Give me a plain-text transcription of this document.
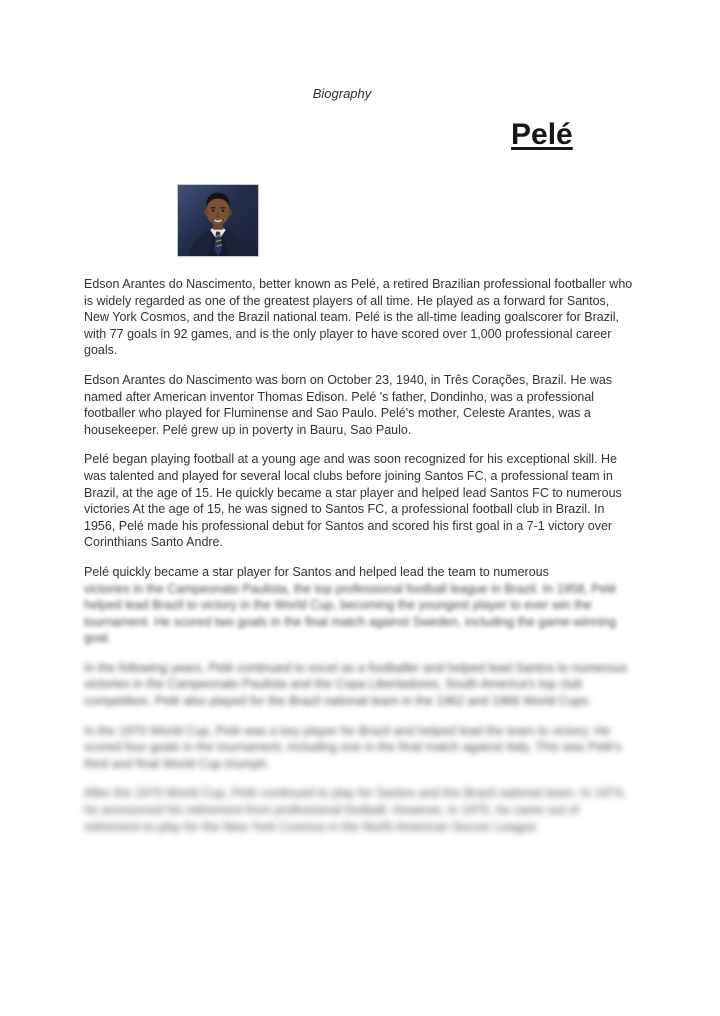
Biography
Pelé

Edson Arantes do Nascimento, better known as Pelé, a retired Brazilian professional footballer who is widely regarded as one of the greatest players of all time. He played as a forward for Santos, New York Cosmos, and the Brazil national team. Pelé is the all-time leading goalscorer for Brazil, with 77 goals in 92 games, and is the only player to have scored over 1,000 professional career goals.

Edson Arantes do Nascimento was born on October 23, 1940, in Três Corações, Brazil. He was named after American inventor Thomas Edison. Pelé 's father, Dondinho, was a professional footballer who played for Fluminense and Sao Paulo. Pelé's mother, Celeste Arantes, was a housekeeper. Pelé grew up in poverty in Bauru, Sao Paulo.

Pelé began playing football at a young age and was soon recognized for his exceptional skill. He was talented and played for several local clubs before joining Santos FC, a professional team in Brazil, at the age of 15. He quickly became a star player and helped lead Santos FC to numerous victories At the age of 15, he was signed to Santos FC, a professional football club in Brazil. In 1956, Pelé made his professional debut for Santos and scored his first goal in a 7-1 victory over Corinthians Santo Andre.

Pelé quickly became a star player for Santos and helped lead the team to numerous
victories in the Campeonato Paulista, the top professional football league in Brazil. In 1958, Pelé helped lead Brazil to victory in the World Cup, becoming the youngest player to ever win the tournament. He scored two goals in the final match against Sweden, including the game-winning goal.

In the following years, Pelé continued to excel as a footballer and helped lead Santos to numerous victories in the Campeonato Paulista and the Copa Libertadores, South America's top club competition. Pelé also played for the Brazil national team in the 1962 and 1966 World Cups.

In the 1970 World Cup, Pelé was a key player for Brazil and helped lead the team to victory. He scored four goals in the tournament, including one in the final match against Italy. This was Pelé's third and final World Cup triumph.

After the 1970 World Cup, Pelé continued to play for Santos and the Brazil national team. In 1974, he announced his retirement from professional football. However, in 1975, he came out of retirement to play for the New York Cosmos in the North American Soccer League
